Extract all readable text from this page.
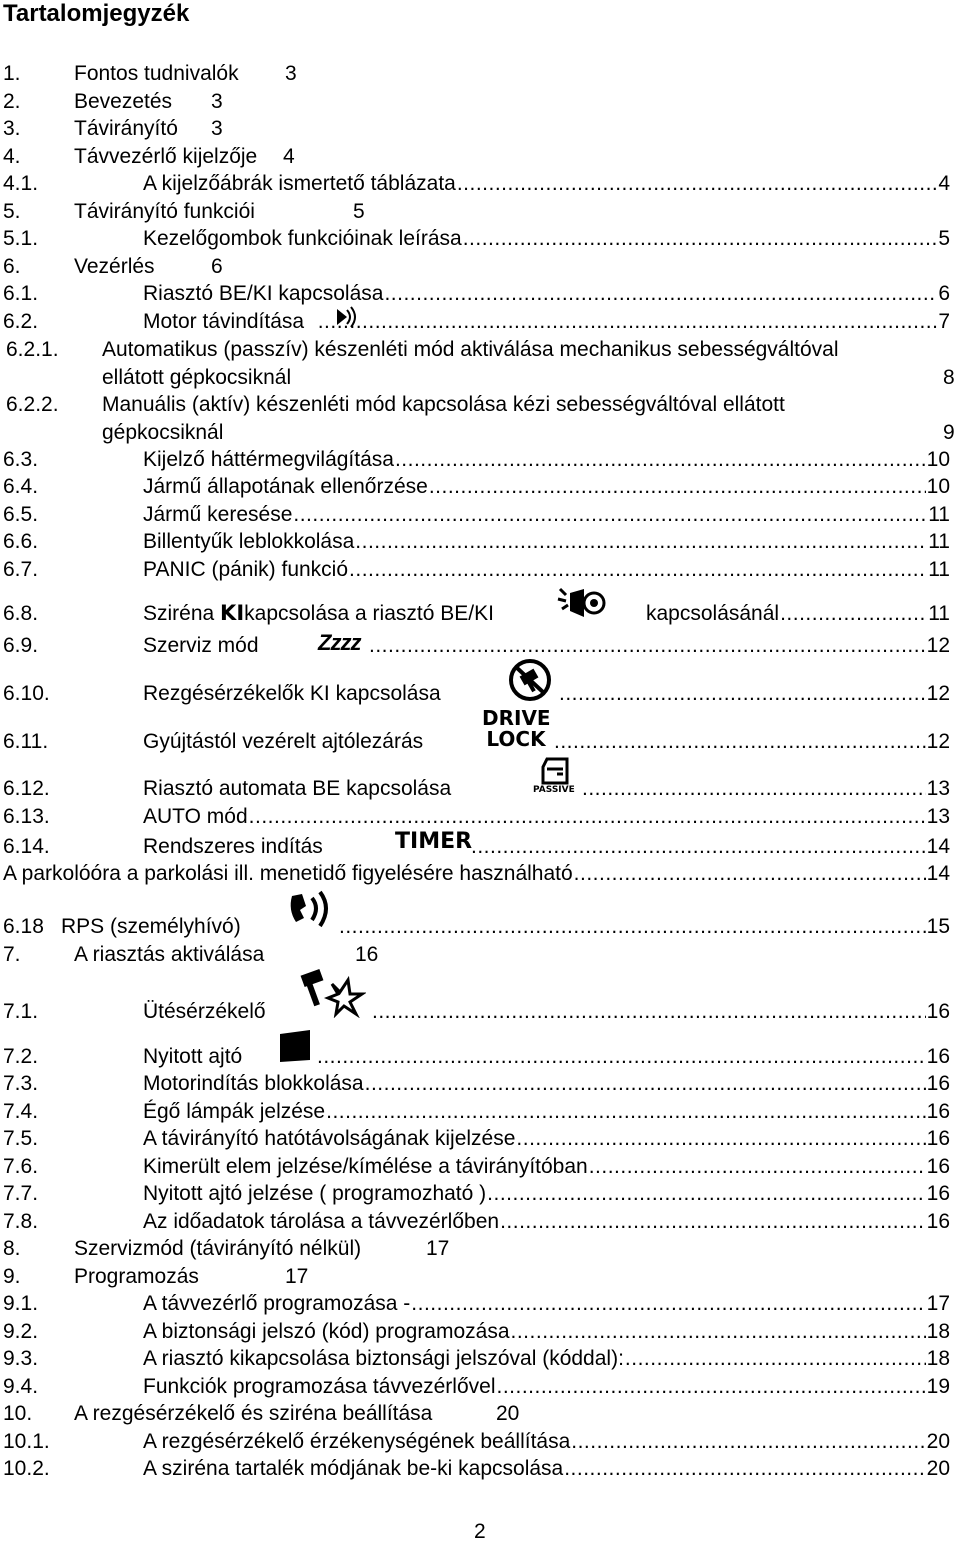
Tartalomjegyzék
1.	Fontos tudnivalók 3
2.	Bevezetés 3
3.	Távirányító 3
4.	Távvezérlő kijelzője 4
4.1.	A kijelzőábrák ismertető táblázata .....	4
5.	Távirányító funkciói	5
5.1.	Kezelőgombok funkcióinak leírása .....	5
6.	Vezérlés	6
6.1.	Riasztó BE/KI kapcsolása .....	6
6.2.	Motor távindítása .....	7
6.2.1. Automatikus (passzív) készenléti mód aktiválása mechanikus sebességváltóval
ellátott gépkocsiknál	8
6.2.2. Manuális (aktív) készenléti mód kapcsolása kézi sebességváltóval ellátott
gépkocsiknál	9
6.3.	Kijelző háttérmegvilágítása .....	10
6.4.	Jármű állapotának ellenőrzése .....	10
6.5.	Jármű keresése .....	11
6.6.	Billentyűk leblokkolása .....	11
6.7.	PANIC (pánik) funkció .....	11
6.8.	Sziréna KIkapcsolása a riasztó BE/KI	kapcsolásánál .....	11
6.9.	Szerviz mód	Zzzz .....	12
6.10.	Rezgésérzékelők KI kapcsolása .....	12
6.11.	Gyújtástól vezérelt ajtólezárás
DRIVE
LOCK .....	12
6.12.	Riasztó automata BE kapcsolása	PASSIVE .....	13
6.13.	AUTO mód .....	13
6.14.	Rendszeres indítás	TIMER .....	14
A parkolóóra a parkolási ill. menetidő figyelésére használható .....	14
6.18 RPS (személyhívó) .....	15
7.	A riasztás aktiválása	16
7.1.	Ütésérzékelő .....	16
7.2.	Nyitott ajtó .....	16
7.3.	Motorindítás blokkolása .....	16
7.4.	Égő lámpák jelzése .....	16
7.5.	A távirányító hatótávolságának kijelzése .....	16
7.6.	Kimerült elem jelzése/kímélése a távirányítóban .....	16
7.7.	Nyitott ajtó jelzése ( programozható ) .....	16
7.8.	Az időadatok tárolása a távvezérlőben .....	16
8.	Szervizmód (távirányító nélkül)	17
9.	Programozás	17
9.1.	A távvezérlő programozása - .....	17
9.2.	A biztonsági jelszó (kód) programozása .....	18
9.3.	A riasztó kikapcsolása biztonsági jelszóval (kóddal): .....	18
9.4.	Funkciók programozása távvezérlővel .....	19
10. A rezgésérzékelő és sziréna beállítása	20
10.1.	A rezgésérzékelő érzékenységének beállítása .....	20
10.2.	A sziréna tartalék módjának be-ki kapcsolása .....	20
2
